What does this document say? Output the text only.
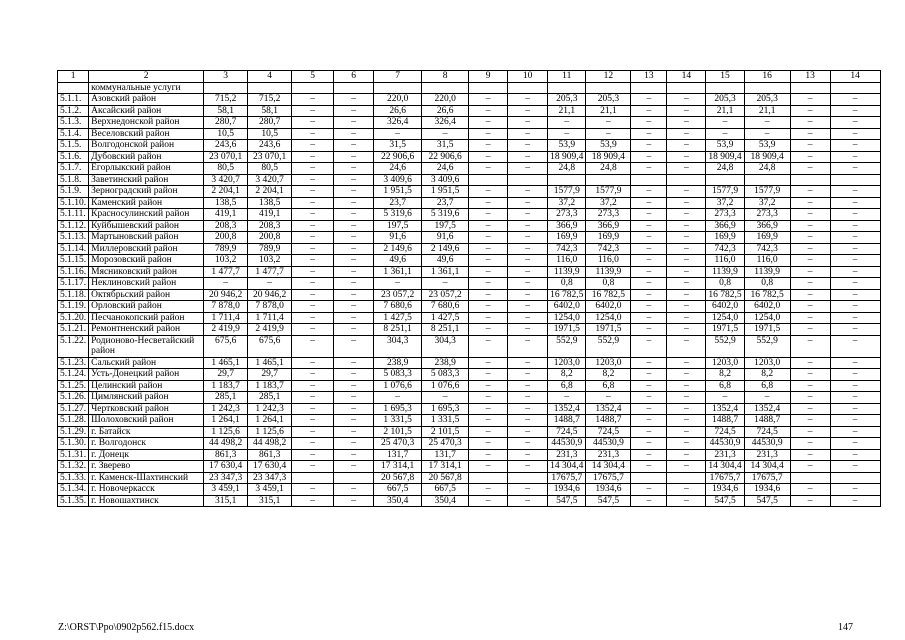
1	2	3	4	5	6	7	8	9	10	11	12	13	14	15	16	13	14
	коммунальные услуги																
5.1.1.	Азовский район	715,2	715,2	–	–	220,0	220,0	–	–	205,3	205,3	–	–	205,3	205,3	–	–
5.1.2.	Аксайский район	58,1	58,1	–	–	26,6	26,6	–	–	21,1	21,1	–	–	21,1	21,1	–	–
5.1.3.	Верхнедонской район	280,7	280,7	–	–	326,4	326,4	–	–	–	–	–	–	–	–	–	–
5.1.4.	Веселовский район	10,5	10,5	–	–	–	–	–	–	–	–	–	–	–	–	–	–
5.1.5.	Волгодонской район	243,6	243,6	–	–	31,5	31,5	–	–	53,9	53,9	–	–	53,9	53,9	–	–
5.1.6.	Дубовский район	23 070,1	23 070,1	–	–	22 906,6	22 906,6	–	–	18 909,4	18 909,4	–	–	18 909,4	18 909,4	–	–
5.1.7.	Егорлыкский район	80,5	80,5	–	–	24,6	24,6	–	–	24,8	24,8	–	–	24,8	24,8	–	–
5.1.8.	Заветинский район	3 420,7	3 420,7	–	–	3 409,6	3 409,6										
5.1.9.	Зерноградский район	2 204,1	2 204,1	–	–	1 951,5	1 951,5	–	–	1577,9	1577,9	–	–	1577,9	1577,9	–	–
5.1.10.	Каменский район	138,5	138,5	–	–	23,7	23,7	–	–	37,2	37,2	–	–	37,2	37,2	–	–
5.1.11.	Красносулинский район	419,1	419,1	–	–	5 319,6	5 319,6	–	–	273,3	273,3	–	–	273,3	273,3	–	–
5.1.12.	Куйбышевский район	208,3	208,3	–	–	197,5	197,5	–	–	366,9	366,9	–	–	366,9	366,9	–	–
5.1.13.	Мартыновский район	200,8	200,8	–	–	91,6	91,6	–	–	169,9	169,9	–	–	169,9	169,9	–	–
5.1.14.	Миллеровский район	789,9	789,9	–	–	2 149,6	2 149,6	–	–	742,3	742,3	–	–	742,3	742,3	–	–
5.1.15.	Морозовский район	103,2	103,2	–	–	49,6	49,6	–	–	116,0	116,0	–	–	116,0	116,0	–	–
5.1.16.	Мясниковский район	1 477,7	1 477,7	–	–	1 361,1	1 361,1	–	–	1139,9	1139,9	–	–	1139,9	1139,9	–	–
5.1.17.	Неклиновский район	–	–	–	–	–	–	–	–	0,8	0,8	–	–	0,8	0,8	–	–
5.1.18.	Октябрьский район	20 946,2	20 946,2	–	–	23 057,2	23 057,2	–	–	16 782,5	16 782,5	–	–	16 782,5	16 782,5	–	–
5.1.19.	Орловский район	7 878,0	7 878,0	–	–	7 680,6	7 680,6	–	–	6402,0	6402,0	–	–	6402,0	6402,0	–	–
5.1.20.	Песчанокопский район	1 711,4	1 711,4	–	–	1 427,5	1 427,5	–	–	1254,0	1254,0	–	–	1254,0	1254,0	–	–
5.1.21.	Ремонтненский район	2 419,9	2 419,9	–	–	8 251,1	8 251,1	–	–	1971,5	1971,5	–	–	1971,5	1971,5	–	–
5.1.22.	Родионово-Несветайский район	675,6	675,6	–	–	304,3	304,3	–	–	552,9	552,9	–	–	552,9	552,9	–	–
5.1.23.	Сальский район	1 465,1	1 465,1	–	–	238,9	238,9	–	–	1203,0	1203,0	–	–	1203,0	1203,0	–	–
5.1.24.	Усть-Донецкий район	29,7	29,7	–	–	5 083,3	5 083,3	–	–	8,2	8,2	–	–	8,2	8,2	–	–
5.1.25.	Целинский район	1 183,7	1 183,7	–	–	1 076,6	1 076,6	–	–	6,8	6,8	–	–	6,8	6,8	–	–
5.1.26.	Цимлянский район	285,1	285,1	–	–	–	–	–	–	–	–	–	–	–	–	–	–
5.1.27.	Чертковский район	1 242,3	1 242,3	–	–	1 695,3	1 695,3	–	–	1352,4	1352,4	–	–	1352,4	1352,4	–	–
5.1.28.	Шолоховский район	1 264,1	1 264,1	–	–	1 331,5	1 331,5	–	–	1488,7	1488,7	–	–	1488,7	1488,7	–	–
5.1.29.	г. Батайск	1 125,6	1 125,6	–	–	2 101,5	2 101,5	–	–	724,5	724,5	–	–	724,5	724,5	–	–
5.1.30.	г. Волгодонск	44 498,2	44 498,2	–	–	25 470,3	25 470,3	–	–	44530,9	44530,9	–	–	44530,9	44530,9	–	–
5.1.31.	г. Донецк	861,3	861,3	–	–	131,7	131,7	–	–	231,3	231,3	–	–	231,3	231,3	–	–
5.1.32.	г. Зверево	17 630,4	17 630,4	–	–	17 314,1	17 314,1	–	–	14 304,4	14 304,4	–	–	14 304,4	14 304,4	–	–
5.1.33.	г. Каменск-Шахтинский	23 347,3	23 347,3			20 567,8	20 567,8			17675,7	17675,7			17675,7	17675,7		
5.1.34.	г. Новочеркасск	3 459,1	3 459,1	–	–	667,5	667,5	–	–	1934,6	1934,6	–	–	1934,6	1934,6	–	–
5.1.35.	г. Новошахтинск	315,1	315,1	–	–	350,4	350,4	–	–	547,5	547,5	–	–	547,5	547,5	–	–
Z:\ORST\Ppo\0902p562.f15.docx	147
